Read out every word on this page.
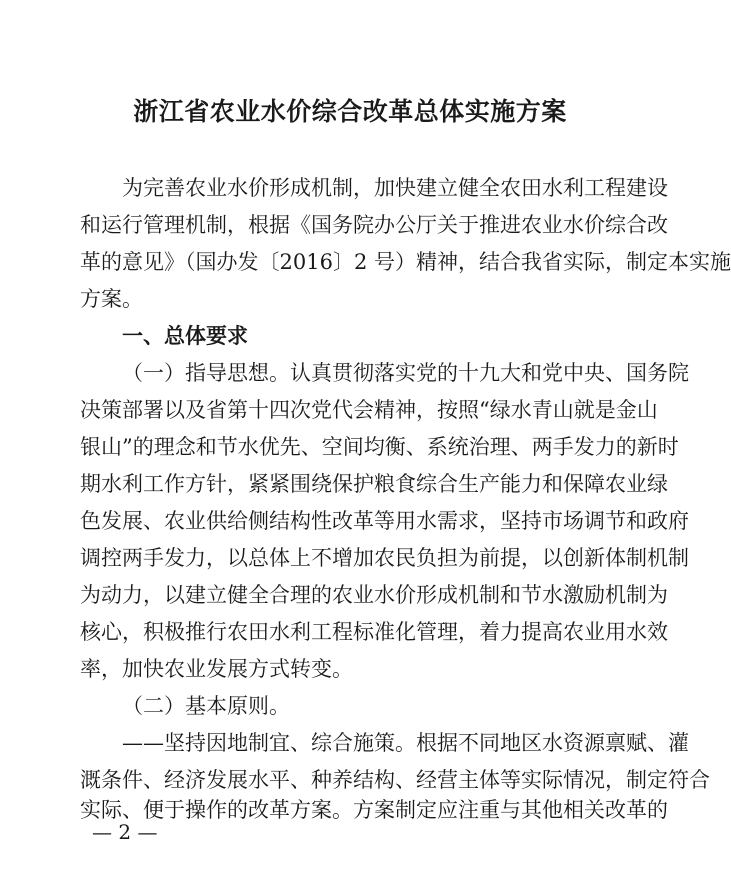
浙江省农业水价综合改革总体实施方案

为完善农业水价形成机制，加快建立健全农田水利工程建设

和运行管理机制，根据《国务院办公厅关于推进农业水价综合改

革的意见》（国办发〔2016〕2 号）精神，结合我省实际，制定本实施

方案。

一、总体要求

（一）指导思想。认真贯彻落实党的十九大和党中央、国务院

决策部署以及省第十四次党代会精神，按照“绿水青山就是金山

银山”的理念和节水优先、空间均衡、系统治理、两手发力的新时

期水利工作方针，紧紧围绕保护粮食综合生产能力和保障农业绿

色发展、农业供给侧结构性改革等用水需求，坚持市场调节和政府

调控两手发力，以总体上不增加农民负担为前提，以创新体制机制

为动力，以建立健全合理的农业水价形成机制和节水激励机制为

核心，积极推行农田水利工程标准化管理，着力提高农业用水效

率，加快农业发展方式转变。

（二）基本原则。

——坚持因地制宜、综合施策。根据不同地区水资源禀赋、灌

溉条件、经济发展水平、种养结构、经营主体等实际情况，制定符合

实际、便于操作的改革方案。方案制定应注重与其他相关改革的

— 2 —
